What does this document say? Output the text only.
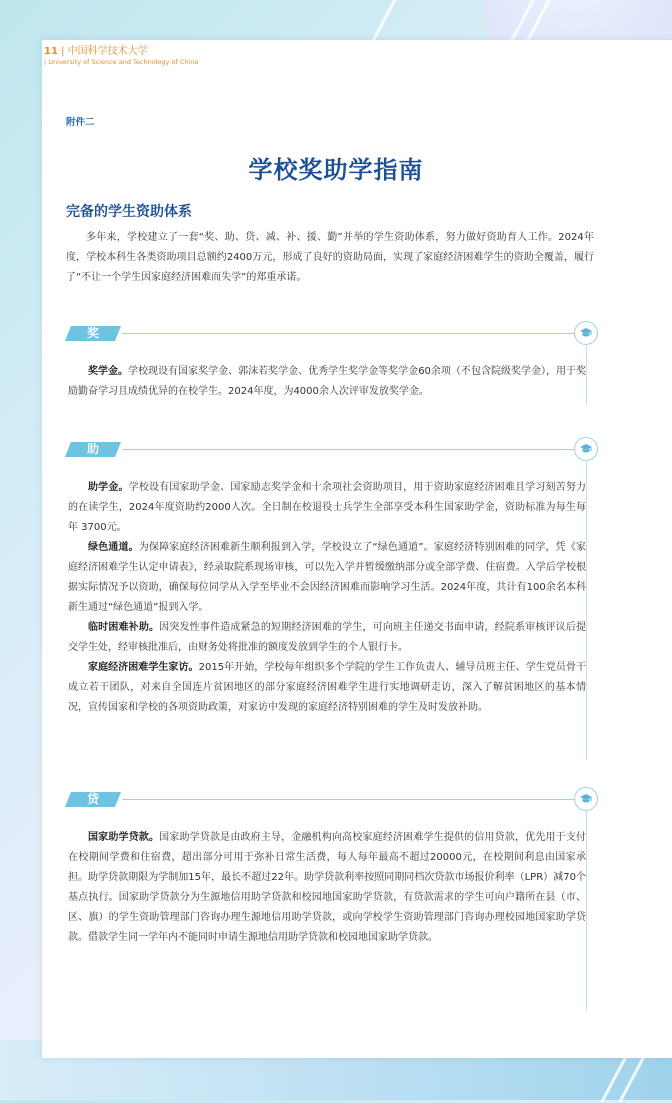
11 | 中国科学技术大学
| University of Science and Technology of China
附件二
学校奖助学指南
完备的学生资助体系

多年来，学校建立了一套“奖、助、贷、减、补、援、勤”并举的学生资助体系，努力做好资助育人工作。2024年度，学校本科生各类资助项目总额约2400万元，形成了良好的资助局面，实现了家庭经济困难学生的资助全覆盖，履行了“不让一个学生因家庭经济困难而失学”的郑重承诺。

奖

奖学金。学校现设有国家奖学金、郭沫若奖学金、优秀学生奖学金等奖学金60余项（不包含院级奖学金），用于奖励勤奋学习且成绩优异的在校学生。2024年度，为4000余人次评审发放奖学金。

助

助学金。学校设有国家助学金、国家励志奖学金和十余项社会资助项目，用于资助家庭经济困难且学习刻苦努力的在读学生，2024年度资助约2000人次。全日制在校退役士兵学生全部享受本科生国家助学金，资助标准为每生每年 3700元。

绿色通道。为保障家庭经济困难新生顺利报到入学，学校设立了“绿色通道”。家庭经济特别困难的同学，凭《家庭经济困难学生认定申请表》，经录取院系现场审核，可以先入学并暂缓缴纳部分或全部学费、住宿费。入学后学校根据实际情况予以资助，确保每位同学从入学至毕业不会因经济困难而影响学习生活。2024年度，共计有100余名本科新生通过“绿色通道”报到入学。

临时困难补助。因突发性事件造成紧急的短期经济困难的学生，可向班主任递交书面申请，经院系审核评议后提交学生处，经审核批准后，由财务处将批准的额度发放到学生的个人银行卡。

家庭经济困难学生家访。2015年开始，学校每年组织多个学院的学生工作负责人、辅导员班主任、学生党员骨干成立若干团队，对来自全国连片贫困地区的部分家庭经济困难学生进行实地调研走访，深入了解贫困地区的基本情况，宣传国家和学校的各项资助政策，对家访中发现的家庭经济特别困难的学生及时发放补助。

贷

国家助学贷款。国家助学贷款是由政府主导，金融机构向高校家庭经济困难学生提供的信用贷款，优先用于支付在校期间学费和住宿费，超出部分可用于弥补日常生活费，每人每年最高不超过20000元，在校期间利息由国家承担。助学贷款期限为学制加15年，最长不超过22年。助学贷款利率按照同期同档次贷款市场报价利率（LPR）减70个基点执行。国家助学贷款分为生源地信用助学贷款和校园地国家助学贷款，有贷款需求的学生可向户籍所在县（市、区、旗）的学生资助管理部门咨询办理生源地信用助学贷款，或向学校学生资助管理部门咨询办理校园地国家助学贷款。借款学生同一学年内不能同时申请生源地信用助学贷款和校园地国家助学贷款。
